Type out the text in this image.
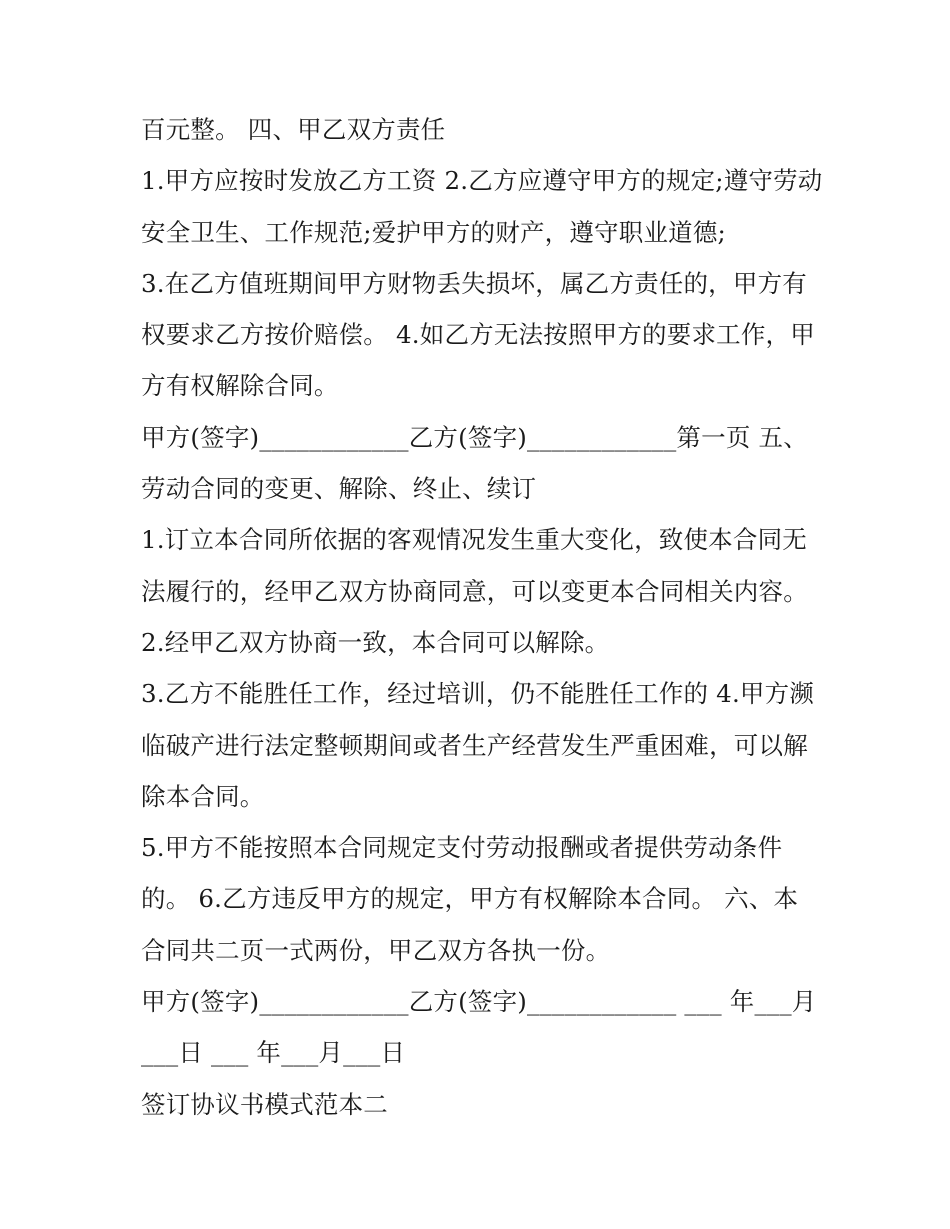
百元整。 四、甲乙双方责任
1.甲方应按时发放乙方工资 2.乙方应遵守甲方的规定;遵守劳动
安全卫生、工作规范;爱护甲方的财产，遵守职业道德;
3.在乙方值班期间甲方财物丢失损坏，属乙方责任的，甲方有
权要求乙方按价赔偿。 4.如乙方无法按照甲方的要求工作，甲
方有权解除合同。
甲方(签字)____________乙方(签字)____________第一页 五、
劳动合同的变更、解除、终止、续订
1.订立本合同所依据的客观情况发生重大变化，致使本合同无
法履行的，经甲乙双方协商同意，可以变更本合同相关内容。
2.经甲乙双方协商一致，本合同可以解除。
3.乙方不能胜任工作，经过培训，仍不能胜任工作的 4.甲方濒
临破产进行法定整顿期间或者生产经营发生严重困难，可以解
除本合同。
5.甲方不能按照本合同规定支付劳动报酬或者提供劳动条件
的。 6.乙方违反甲方的规定，甲方有权解除本合同。 六、本
合同共二页一式两份，甲乙双方各执一份。
甲方(签字)____________乙方(签字)____________ ___ 年___月
___日 ___ 年___月___日
签订协议书模式范本二
